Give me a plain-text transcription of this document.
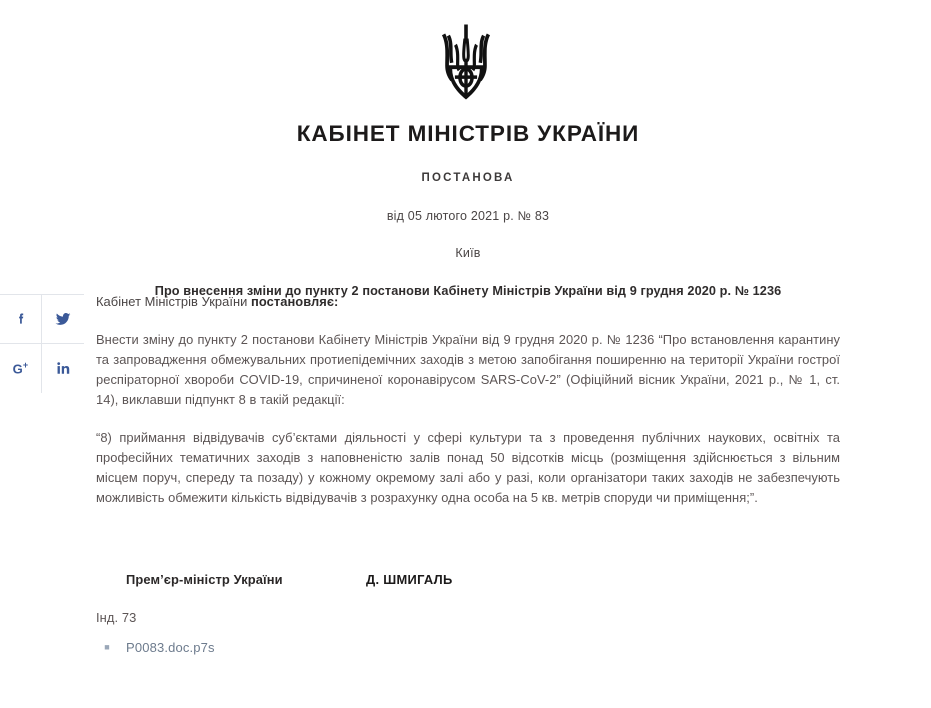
G+
КАБІНЕТ МІНІСТРІВ УКРАЇНИ
ПОСТАНОВА
від 05 лютого 2021 р. № 83
Київ
Про внесення зміни до пункту 2 постанови Кабінету Міністрів України від 9 грудня 2020 р. № 1236

Кабінет Міністрів України постановляє:

Внести зміну до пункту 2 постанови Кабінету Міністрів України від 9 грудня 2020 р. № 1236 “Про встановлення карантину та запровадження обмежувальних протиепідемічних заходів з метою запобігання поширенню на території України гострої респіраторної хвороби COVID-19, спричиненої коронавірусом SARS-CoV-2” (Офіційний вісник України, 2021 р., № 1, ст. 14), виклавши підпункт 8 в такій редакції:

“8) приймання відвідувачів суб’єктами діяльності у сфері культури та з проведення публічних наукових, освітніх та професійних тематичних заходів з наповненістю залів понад 50 відсотків місць (розміщення здійснюється з вільним місцем поруч, спереду та позаду) у кожному окремому залі або у разі, коли організатори таких заходів не забезпечують можливість обмежити кількість відвідувачів з розрахунку одна особа на 5 кв. метрів споруди чи приміщення;”.

Прем’єр-міністр України	Д. ШМИГАЛЬ
Інд. 73
■	P0083.doc.p7s
